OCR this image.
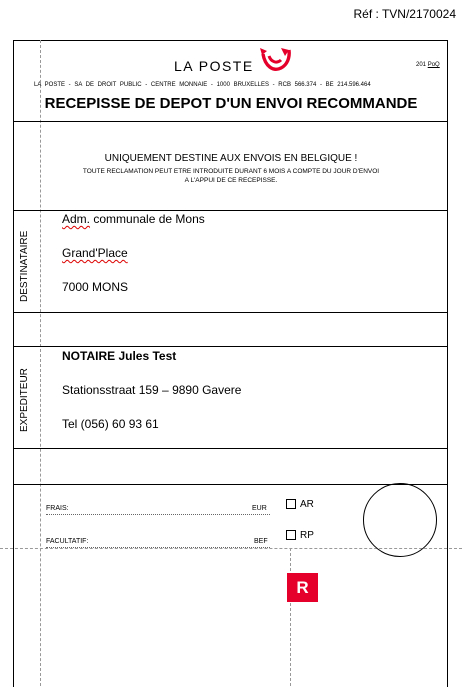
Réf : TVN/2170024
LA POSTE	201 PoQ
LA POSTE - SA DE DROIT PUBLIC - CENTRE MONNAIE - 1000 BRUXELLES - RCB 566.374 - BE 214.596.464
RECEPISSE DE DEPOT D'UN ENVOI RECOMMANDE
UNIQUEMENT DESTINE AUX ENVOIS EN BELGIQUE !
TOUTE RECLAMATION PEUT ETRE INTRODUITE DURANT 6 MOIS A COMPTE DU JOUR D'ENVOI
A L'APPUI DE CE RECEPISSE.
DESTINATAIRE
Adm. communale de Mons
Grand'Place
7000 MONS
EXPEDITEUR
NOTAIRE Jules Test
Stationsstraat 159 – 9890 Gavere
Tel (056) 60 93 61
FRAIS:	EUR
FACULTATIF:	BEF
AR
RP
R
